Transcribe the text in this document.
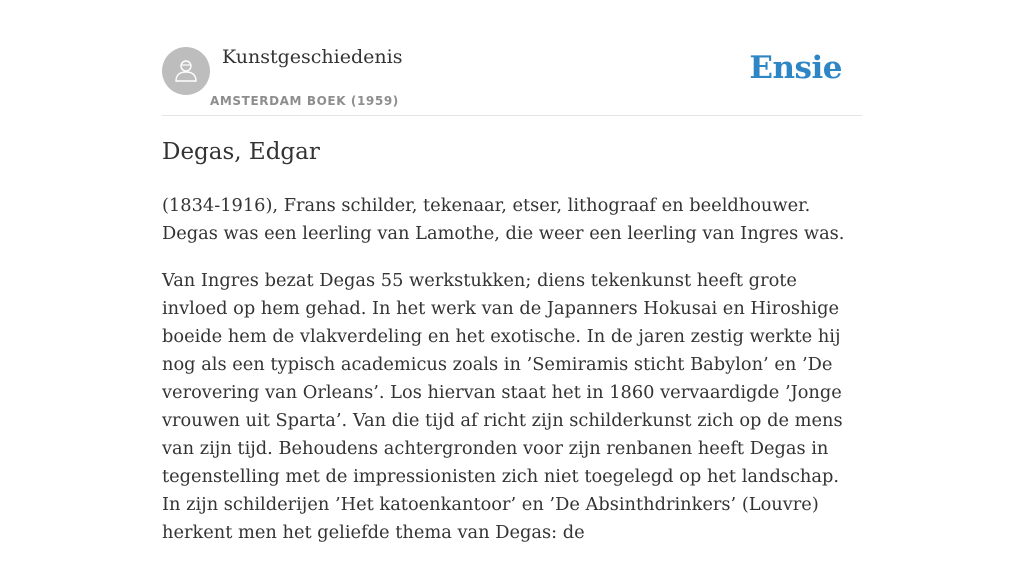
Kunstgeschiedenis
AMSTERDAM BOEK (1959)
Ensie
Degas, Edgar

(1834-1916), Frans schilder, tekenaar, etser, lithograaf en beeldhouwer. Degas was een leerling van Lamothe, die weer een leerling van Ingres was.

Van Ingres bezat Degas 55 werkstukken; diens tekenkunst heeft grote invloed op hem gehad. In het werk van de Japanners Hokusai en Hiroshige boeide hem de vlakverdeling en het exotische. In de jaren zestig werkte hij nog als een typisch academicus zoals in ’Semiramis sticht Babylon’ en ’De verovering van Orleans’. Los hiervan staat het in 1860 vervaardigde ’Jonge vrouwen uit Sparta’. Van die tijd af richt zijn schilderkunst zich op de mens van zijn tijd. Behoudens achtergronden voor zijn renbanen heeft Degas in tegenstelling met de impressionisten zich niet toegelegd op het landschap. In zijn schilderijen ’Het katoenkantoor’ en ’De Absinthdrinkers’ (Louvre) herkent men het geliefde thema van Degas: de
